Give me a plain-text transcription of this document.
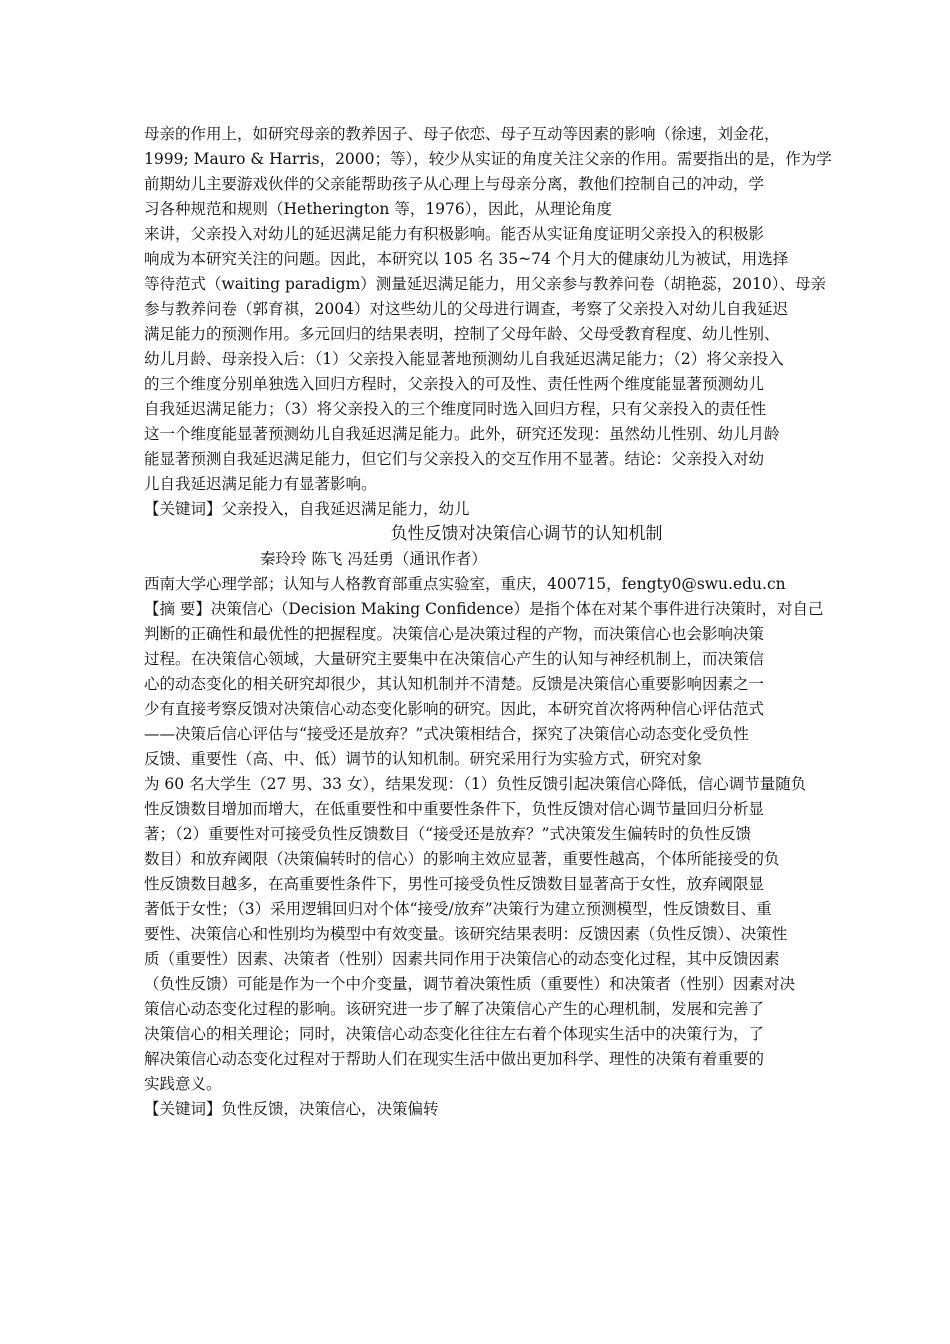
母亲的作用上，如研究母亲的教养因子、母子依恋、母子互动等因素的影响（徐速，刘金花，
1999; Mauro & Harris，2000；等），较少从实证的角度关注父亲的作用。需要指出的是，作为学
前期幼儿主要游戏伙伴的父亲能帮助孩子从心理上与母亲分离，教他们控制自己的冲动，学
习各种规范和规则（Hetherington 等，1976），因此，从理论角度
来讲，父亲投入对幼儿的延迟满足能力有积极影响。能否从实证角度证明父亲投入的积极影
响成为本研究关注的问题。因此，本研究以 105 名 35~74 个月大的健康幼儿为被试，用选择
等待范式（waiting paradigm）测量延迟满足能力，用父亲参与教养问卷（胡艳蕊，2010）、母亲
参与教养问卷（郭育祺，2004）对这些幼儿的父母进行调查，考察了父亲投入对幼儿自我延迟
满足能力的预测作用。多元回归的结果表明，控制了父母年龄、父母受教育程度、幼儿性别、
幼儿月龄、母亲投入后：（1）父亲投入能显著地预测幼儿自我延迟满足能力；（2）将父亲投入
的三个维度分别单独选入回归方程时，父亲投入的可及性、责任性两个维度能显著预测幼儿
自我延迟满足能力；（3）将父亲投入的三个维度同时选入回归方程，只有父亲投入的责任性
这一个维度能显著预测幼儿自我延迟满足能力。此外，研究还发现：虽然幼儿性别、幼儿月龄
能显著预测自我延迟满足能力，但它们与父亲投入的交互作用不显著。结论：父亲投入对幼
儿自我延迟满足能力有显著影响。
【关键词】父亲投入，自我延迟满足能力，幼儿
负性反馈对决策信心调节的认知机制
秦玲玲 陈飞 冯廷勇（通讯作者）
西南大学心理学部；认知与人格教育部重点实验室，重庆，400715，fengty0@swu.edu.cn
【摘 要】决策信心（Decision Making Confidence）是指个体在对某个事件进行决策时，对自己
判断的正确性和最优性的把握程度。决策信心是决策过程的产物，而决策信心也会影响决策
过程。在决策信心领域，大量研究主要集中在决策信心产生的认知与神经机制上，而决策信
心的动态变化的相关研究却很少，其认知机制并不清楚。反馈是决策信心重要影响因素之一
少有直接考察反馈对决策信心动态变化影响的研究。因此，本研究首次将两种信心评估范式
——决策后信心评估与“接受还是放弃？”式决策相结合，探究了决策信心动态变化受负性
反馈、重要性（高、中、低）调节的认知机制。研究采用行为实验方式，研究对象
为 60 名大学生（27 男、33 女），结果发现：（1）负性反馈引起决策信心降低，信心调节量随负
性反馈数目增加而增大，在低重要性和中重要性条件下，负性反馈对信心调节量回归分析显
著；（2）重要性对可接受负性反馈数目（“接受还是放弃？”式决策发生偏转时的负性反馈
数目）和放弃阈限（决策偏转时的信心）的影响主效应显著，重要性越高，个体所能接受的负
性反馈数目越多，在高重要性条件下，男性可接受负性反馈数目显著高于女性，放弃阈限显
著低于女性；（3）采用逻辑回归对个体“接受/放弃”决策行为建立预测模型，性反馈数目、重
要性、决策信心和性别均为模型中有效变量。该研究结果表明：反馈因素（负性反馈）、决策性
质（重要性）因素、决策者（性别）因素共同作用于决策信心的动态变化过程，其中反馈因素
（负性反馈）可能是作为一个中介变量，调节着决策性质（重要性）和决策者（性别）因素对决
策信心动态变化过程的影响。该研究进一步了解了决策信心产生的心理机制，发展和完善了
决策信心的相关理论；同时，决策信心动态变化往往左右着个体现实生活中的决策行为，了
解决策信心动态变化过程对于帮助人们在现实生活中做出更加科学、理性的决策有着重要的
实践意义。
【关键词】负性反馈，决策信心，决策偏转
